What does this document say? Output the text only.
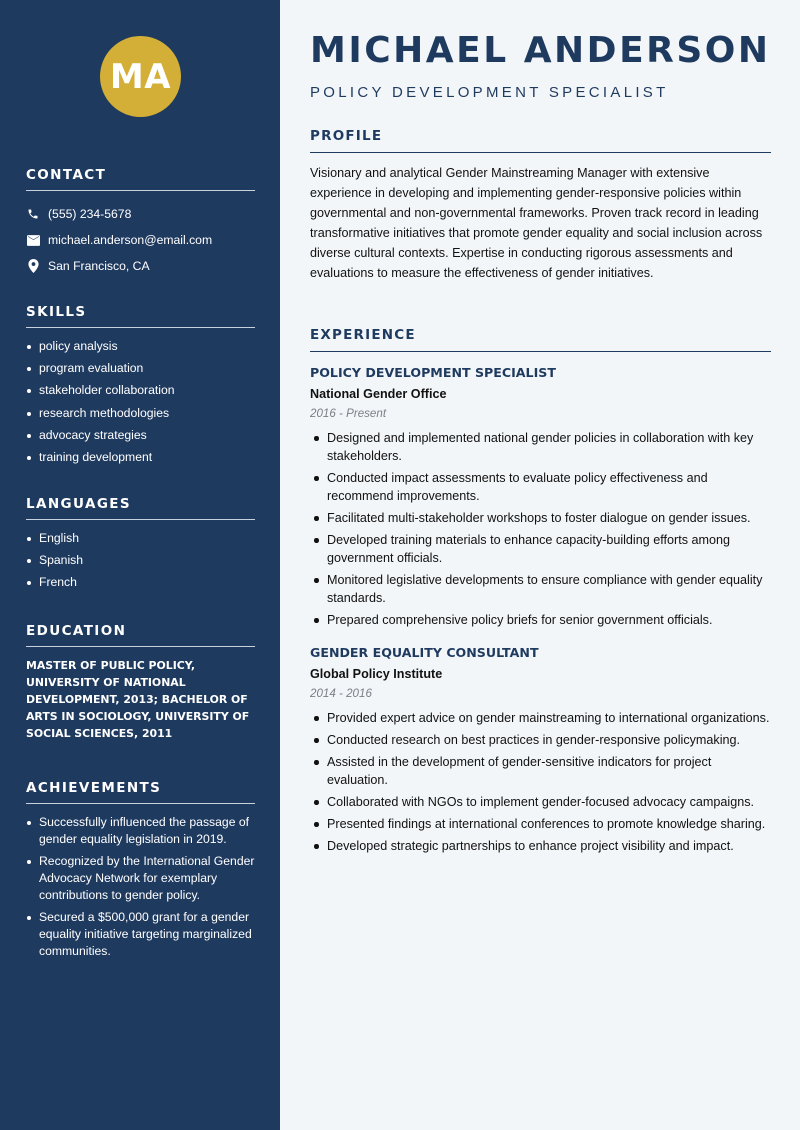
MA
CONTACT
(555) 234-5678
michael.anderson@email.com
San Francisco, CA
SKILLS
policy analysis
program evaluation
stakeholder collaboration
research methodologies
advocacy strategies
training development
LANGUAGES
English
Spanish
French
EDUCATION
MASTER OF PUBLIC POLICY, UNIVERSITY OF NATIONAL DEVELOPMENT, 2013; BACHELOR OF ARTS IN SOCIOLOGY, UNIVERSITY OF SOCIAL SCIENCES, 2011
ACHIEVEMENTS
Successfully influenced the passage of gender equality legislation in 2019.
Recognized by the International Gender Advocacy Network for exemplary contributions to gender policy.
Secured a $500,000 grant for a gender equality initiative targeting marginalized communities.
MICHAEL ANDERSON
POLICY DEVELOPMENT SPECIALIST
PROFILE

Visionary and analytical Gender Mainstreaming Manager with extensive experience in developing and implementing gender-responsive policies within governmental and non-governmental frameworks. Proven track record in leading transformative initiatives that promote gender equality and social inclusion across diverse cultural contexts. Expertise in conducting rigorous assessments and evaluations to measure the effectiveness of gender initiatives.

EXPERIENCE
POLICY DEVELOPMENT SPECIALIST
National Gender Office
2016 - Present
Designed and implemented national gender policies in collaboration with key stakeholders.
Conducted impact assessments to evaluate policy effectiveness and recommend improvements.
Facilitated multi-stakeholder workshops to foster dialogue on gender issues.
Developed training materials to enhance capacity-building efforts among government officials.
Monitored legislative developments to ensure compliance with gender equality standards.
Prepared comprehensive policy briefs for senior government officials.
GENDER EQUALITY CONSULTANT
Global Policy Institute
2014 - 2016
Provided expert advice on gender mainstreaming to international organizations.
Conducted research on best practices in gender-responsive policymaking.
Assisted in the development of gender-sensitive indicators for project evaluation.
Collaborated with NGOs to implement gender-focused advocacy campaigns.
Presented findings at international conferences to promote knowledge sharing.
Developed strategic partnerships to enhance project visibility and impact.
